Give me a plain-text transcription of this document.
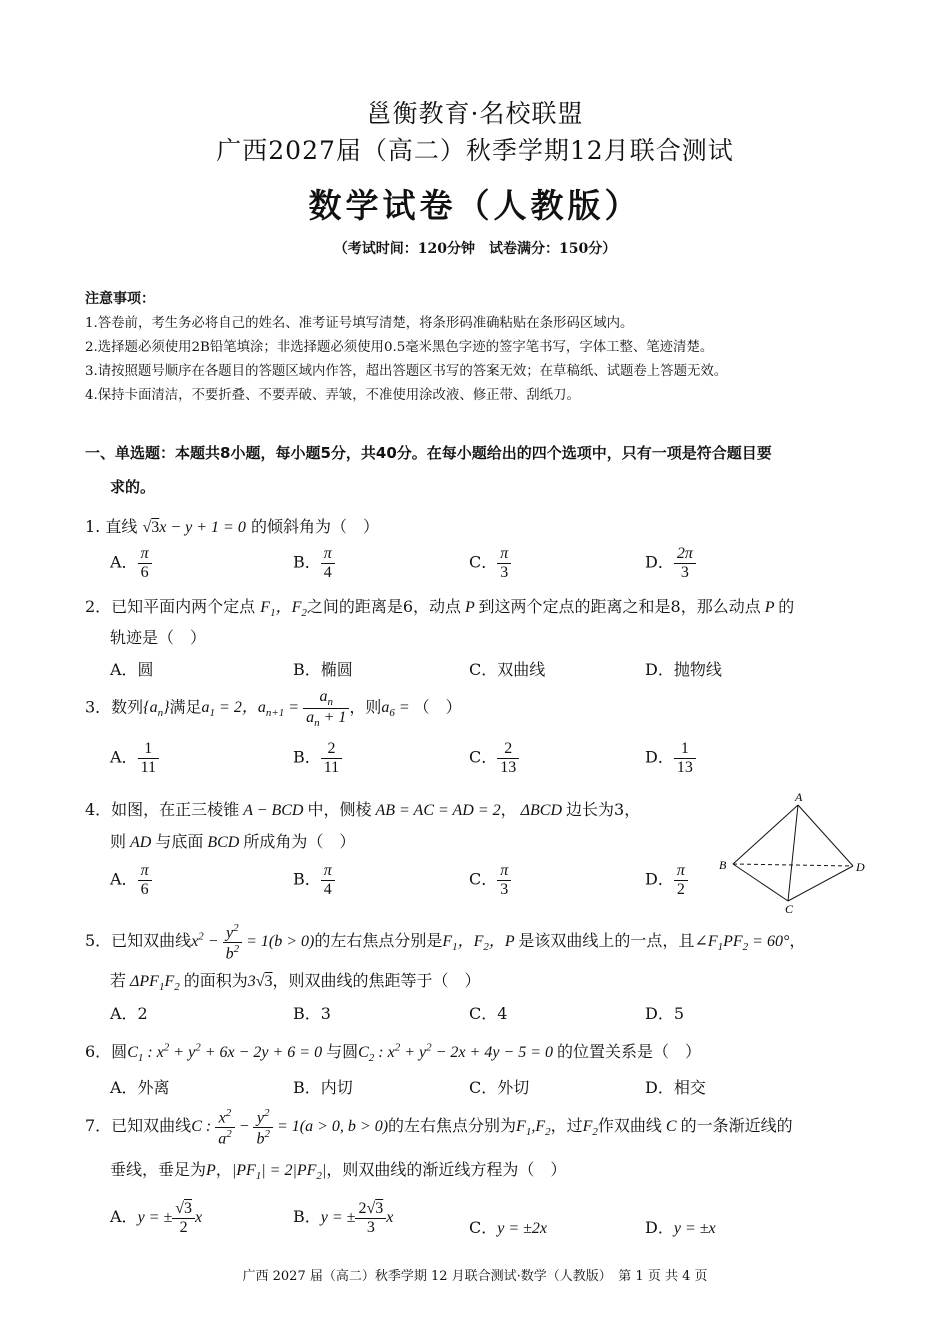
邕衡教育·名校联盟
广西2027届（高二）秋季学期12月联合测试
数学试卷（人教版）
（考试时间：120分钟　试卷满分：150分）
注意事项：
1.答卷前，考生务必将自己的姓名、准考证号填写清楚，将条形码准确粘贴在条形码区域内。
2.选择题必须使用2B铅笔填涂；非选择题必须使用0.5毫米黑色字迹的签字笔书写，字体工整、笔迹清楚。
3.请按照题号顺序在各题目的答题区域内作答，超出答题区书写的答案无效；在草稿纸、试题卷上答题无效。
4.保持卡面清洁，不要折叠、不要弄破、弄皱，不准使用涂改液、修正带、刮纸刀。
一、单选题：本题共8小题，每小题5分，共40分。在每小题给出的四个选项中，只有一项是符合题目要
求的。
1. 直线 √3x − y + 1 = 0 的倾斜角为（　）
A． $\frac{\pi}{6}$	B． $\frac{\pi}{4}$	C． $\frac{\pi}{3}$	D． $\frac{2\pi}{3}$
2．已知平面内两个定点 $F_1$，$F_2$之间的距离是6，动点 P 到这两个定点的距离之和是8，那么动点 P 的
轨迹是（　）
A．圆	B．椭圆	C．双曲线	D．抛物线
3．数列$\{a_n\}$满足$a_1 = 2$，$a_{n+1} = \frac{a_n}{a_n + 1}$ ，则$a_6$ = （　）
A． $\frac{1}{11}$	B． $\frac{2}{11}$	C． $\frac{2}{13}$	D． $\frac{1}{13}$
4．如图，在正三棱锥 A − BCD 中，侧棱 AB = AC = AD = 2， ΔBCD 边长为3，
则 AD 与底面 BCD 所成角为（　）
A． $\frac{\pi}{6}$	B． $\frac{\pi}{4}$	C． $\frac{\pi}{3}$	D． $\frac{\pi}{2}$
A
B
C
D
5．已知双曲线$x^2 - \frac{y^2}{b^2} = 1(b > 0)$的左右焦点分别是$F_1$，$F_2$，P 是该双曲线上的一点，且$\angle F_1PF_2 = 60^\circ$，
若 $\Delta PF_1F_2$ 的面积为3√3，则双曲线的焦距等于（　）
A．2	B．3	C．4	D．5
6．圆$C_1$ : $x^2 + y^2 + 6x - 2y + 6 = 0$ 与圆$C_2$ : $x^2 + y^2 - 2x + 4y - 5 = 0$ 的位置关系是（　）
A．外离	B．内切	C．外切	D．相交
7．已知双曲线C : $\frac{x^2}{a^2} - \frac{y^2}{b^2} = 1(a > 0$, b > 0)的左右焦点分别为$F_1,F_2$，过$F_2$作双曲线 C 的一条渐近线的
垂线，垂足为P，$|PF_1| = 2|PF_2|$，则双曲线的渐近线方程为（　）
A．y = ± $\frac{√3}{2}$ x	B．y = ± $\frac{2√3}{3}$ x
C．y = ±2x	D．y = ±x
广西 2027 届（高二）秋季学期 12 月联合测试·数学（人教版）　第 1 页 共 4 页
